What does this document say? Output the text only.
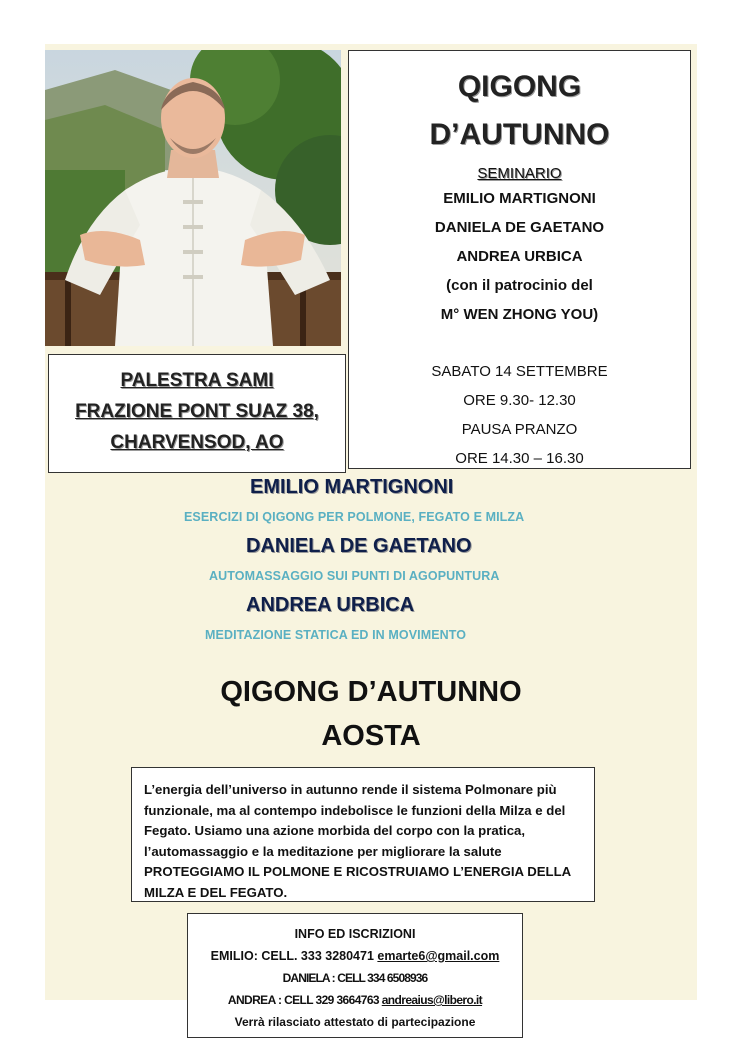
QIGONG
D’AUTUNNO
SEMINARIO
EMILIO MARTIGNONI
DANIELA DE GAETANO
ANDREA URBICA
(con il patrocinio del
M° WEN ZHONG YOU)
SABATO 14 SETTEMBRE
ORE 9.30- 12.30
PAUSA PRANZO
ORE 14.30 – 16.30
PALESTRA SAMI
FRAZIONE PONT SUAZ 38,
CHARVENSOD, AO
EMILIO MARTIGNONI
ESERCIZI DI QIGONG PER POLMONE, FEGATO E MILZA
DANIELA DE GAETANO
AUTOMASSAGGIO SUI PUNTI DI AGOPUNTURA
ANDREA URBICA
MEDITAZIONE STATICA ED IN MOVIMENTO
QIGONG D’AUTUNNO
AOSTA

L’energia dell’universo in autunno rende il sistema Polmonare più funzionale, ma al contempo indebolisce le funzioni della Milza e del Fegato. Usiamo una azione morbida del corpo con la pratica, l’automassaggio e la meditazione per migliorare la salute

PROTEGGIAMO IL POLMONE E RICOSTRUIAMO L’ENERGIA DELLA MILZA E DEL FEGATO.

INFO ED ISCRIZIONI
EMILIO: CELL. 333 3280471 emarte6@gmail.com
DANIELA : CELL 334 6508936
ANDREA : CELL 329 3664763 andreaius@libero.it
Verrà rilasciato attestato di partecipazione
